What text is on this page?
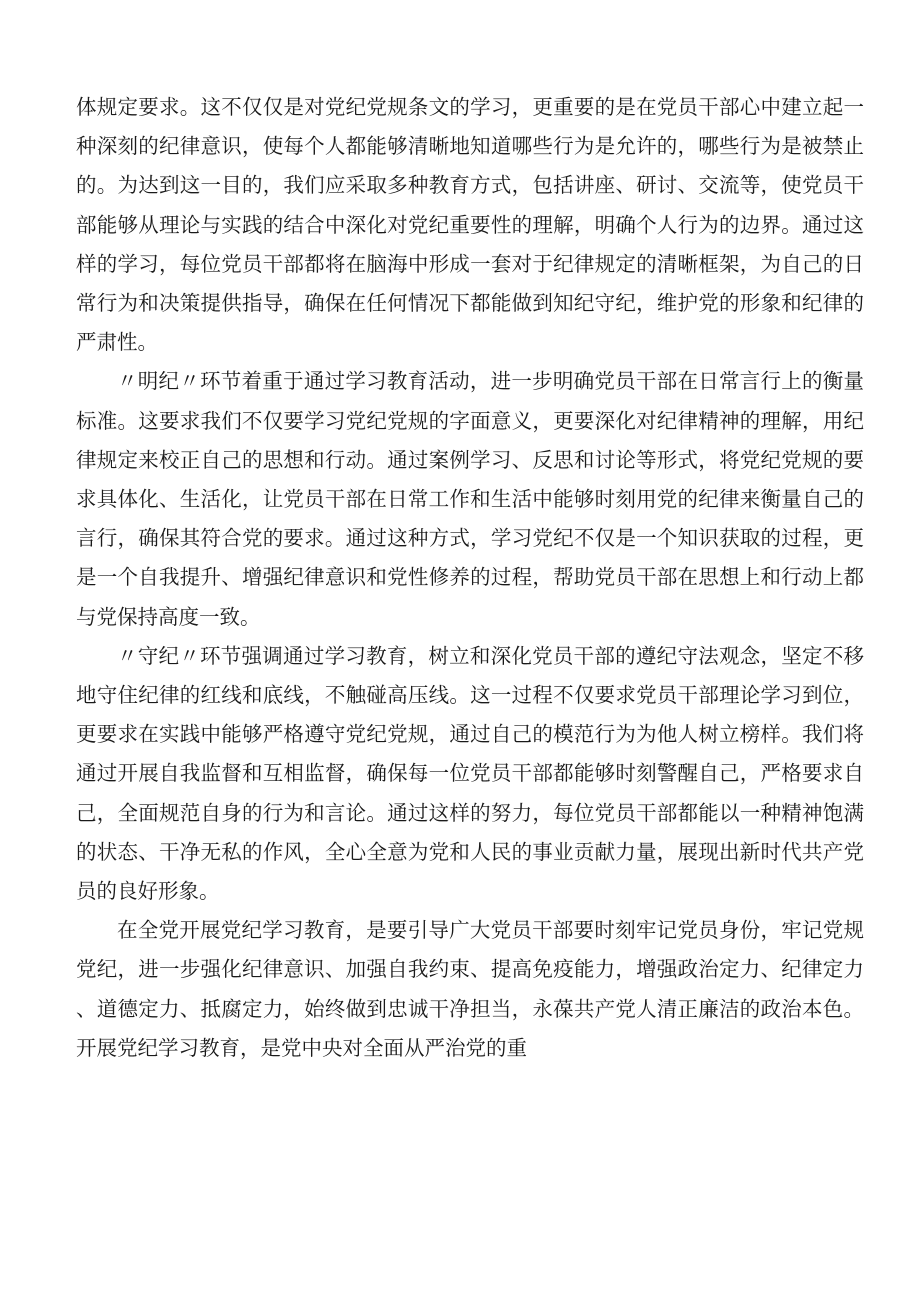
体规定要求。这不仅仅是对党纪党规条文的学习，更重要的是在党员干部心中建立起一种深刻的纪律意识，使每个人都能够清晰地知道哪些行为是允许的，哪些行为是被禁止的。为达到这一目的，我们应采取多种教育方式，包括讲座、研讨、交流等，使党员干部能够从理论与实践的结合中深化对党纪重要性的理解，明确个人行为的边界。通过这样的学习，每位党员干部都将在脑海中形成一套对于纪律规定的清晰框架，为自己的日常行为和决策提供指导，确保在任何情况下都能做到知纪守纪，维护党的形象和纪律的严肃性。

〃明纪〃环节着重于通过学习教育活动，进一步明确党员干部在日常言行上的衡量标准。这要求我们不仅要学习党纪党规的字面意义，更要深化对纪律精神的理解，用纪律规定来校正自己的思想和行动。通过案例学习、反思和讨论等形式，将党纪党规的要求具体化、生活化，让党员干部在日常工作和生活中能够时刻用党的纪律来衡量自己的言行，确保其符合党的要求。通过这种方式，学习党纪不仅是一个知识获取的过程，更是一个自我提升、增强纪律意识和党性修养的过程，帮助党员干部在思想上和行动上都与党保持高度一致。

〃守纪〃环节强调通过学习教育，树立和深化党员干部的遵纪守法观念，坚定不移地守住纪律的红线和底线，不触碰高压线。这一过程不仅要求党员干部理论学习到位，更要求在实践中能够严格遵守党纪党规，通过自己的模范行为为他人树立榜样。我们将通过开展自我监督和互相监督，确保每一位党员干部都能够时刻警醒自己，严格要求自己，全面规范自身的行为和言论。通过这样的努力，每位党员干部都能以一种精神饱满的状态、干净无私的作风，全心全意为党和人民的事业贡献力量，展现出新时代共产党员的良好形象。

在全党开展党纪学习教育，是要引导广大党员干部要时刻牢记党员身份，牢记党规党纪，进一步强化纪律意识、加强自我约束、提高免疫能力，增强政治定力、纪律定力、道德定力、抵腐定力，始终做到忠诚干净担当，永葆共产党人清正廉洁的政治本色。开展党纪学习教育，是党中央对全面从严治党的重
